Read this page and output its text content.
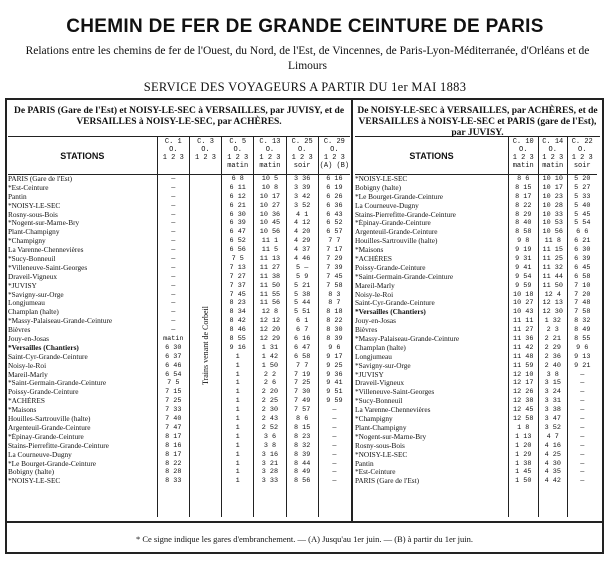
CHEMIN DE FER DE GRANDE CEINTURE DE PARIS
Relations entre les chemins de fer de l'Ouest, du Nord, de l'Est, de Vincennes, de Paris-Lyon-Méditerranée, d'Orléans et de Limours
SERVICE DES VOYAGEURS A PARTIR DU 1er MAI 1883
De PARIS (Gare de l'Est) et NOISY-LE-SEC à VERSAILLES, par JUVISY, et de VERSAILLES à NOISY-LE-SEC, par ACHÈRES.
STATIONS
PARIS (Gare de l'Est)
*Est-Ceinture
Pantin
*NOISY-LE-SEC
Rosny-sous-Bois
*Nogent-sur-Marne-Bry
Plant-Champigny
*Champigny
La Varenne-Chennevières
*Sucy-Bonneuil
*Villeneuve-Saint-Georges
Draveil-Vigneux
*JUVISY
*Savigny-sur-Orge
Longjumeau
Champlan (halte)
*Massy-Palaiseau-Grande-Ceinture
Bièvres
Jouy-en-Josas
*Versailles (Chantiers)
Saint-Cyr-Grande-Ceinture
Noisy-le-Roi
Mareil-Marly
*Saint-Germain-Grande-Ceinture
Poissy-Grande-Ceinture
*ACHÈRES
*Maisons
Houilles-Sartrouville (halte)
Argenteuil-Grande-Ceinture
*Épinay-Grande-Ceinture
Stains-Pierrefitte-Grande-Ceinture
La Courneuve-Dugny
*Le Bourget-Grande-Ceinture
Bobigny (halte)
*NOISY-LE-SEC
C. 1
O.
1 2 3
—
—
—
—
—
—
—
—
—
—
—
—
—
—
—
—
—
—
matin
6 30
6 37
6 46
6 54
7 5
7 15
7 25
7 33
7 40
7 47
8 17
8 16
8 17
8 22
8 28
8 33
C. 3
O.
1 2 3
Trains venant de Corbeil
C. 5
O.
1 2 3
matin
6 8
6 11
6 12
6 21
6 30
6 39
6 47
6 52
6 56
7 5
7 13
7 27
7 37
7 45
8 23
8 34
8 42
8 46
8 55
9 16
1
1
1
1
1
1
1
1
1
1
1
1
1
1
1
C. 13
O.
1 2 3
matin
10 5
10 8
10 17
10 27
10 36
10 45
10 56
11 1
11 5
11 13
11 27
11 38
11 50
11 55
11 56
12 8
12 12
12 20
12 29
1 31
1 42
1 50
2 2
2 6
2 20
2 25
2 30
2 43
2 52
3 6
3 8
3 16
3 21
3 28
3 33
C. 25
O.
1 2 3
soir
3 36
3 39
3 42
3 52
4 1
4 12
4 20
4 29
4 37
4 46
5 —
5 9
5 21
5 38
5 44
5 51
6 1
6 7
6 16
6 47
6 58
7 7
7 19
7 25
7 30
7 49
7 57
8 6
8 15
8 23
8 32
8 39
8 44
8 49
8 56
C. 29
O.
1 2 3
(A) (B)
6 16
6 19
6 26
6 36
6 43
6 52
6 57
7 7
7 17
7 29
7 39
7 45
7 58
8 3
8 7
8 18
8 22
8 30
8 39
9 6
9 17
9 25
9 36
9 41
9 51
9 59
—
—
—
—
—
—
—
—
—
De NOISY-LE-SEC à VERSAILLES, par ACHÈRES, et de VERSAILLES à NOISY-LE-SEC et PARIS (gare de l'Est), par JUVISY.
STATIONS
*NOISY-LE-SEC
Bobigny (halte)
*Le Bourget-Grande-Ceinture
La Courneuve-Dugny
Stains-Pierrefitte-Grande-Ceinture
*Épinay-Grande-Ceinture
Argenteuil-Grande-Ceinture
Houilles-Sartrouville (halte)
*Maisons
*ACHÈRES
Poissy-Grande-Ceinture
*Saint-Germain-Grande-Ceinture
Mareil-Marly
Noisy-le-Roi
Saint-Cyr-Grande-Ceinture
*Versailles (Chantiers)
Jouy-en-Josas
Bièvres
*Massy-Palaiseau-Grande-Ceinture
Champlan (halte)
Longjumeau
*Savigny-sur-Orge
*JUVISY
Draveil-Vigneux
*Villeneuve-Saint-Georges
*Sucy-Bonneuil
La Varenne-Chennevières
*Champigny
Plant-Champigny
*Nogent-sur-Marne-Bry
Rosny-sous-Bois
*NOISY-LE-SEC
Pantin
*Est-Ceinture
PARIS (Gare de l'Est)
C. 10
O.
1 2 3
matin
8 6
8 15
8 17
8 22
8 29
8 40
8 58
9 8
9 19
9 31
9 41
9 54
9 59
10 18
10 27
10 43
11 11
11 27
11 36
11 42
11 48
11 59
12 10
12 17
12 26
12 38
12 45
12 58
1 8
1 13
1 20
1 29
1 38
1 45
1 50
C. 14
O.
1 2 3
matin
10 10
10 17
10 23
10 28
10 33
10 53
10 56
11 8
11 15
11 25
11 32
11 44
11 50
12 4
12 13
12 30
1 32
2 3
2 21
2 29
2 36
2 40
3 8
3 15
3 24
3 31
3 38
3 47
3 52
4 7
4 16
4 25
4 30
4 35
4 42
C. 22
O.
1 2 3
soir
5 20
5 27
5 33
5 40
5 45
5 54
6 6
6 21
6 30
6 39
6 45
6 58
7 10
7 20
7 48
7 58
8 32
8 49
8 55
9 6
9 13
9 21
—
—
—
—
—
—
—
—
—
—
—
—
—
* Ce signe indique les gares d'embranchement. — (A) Jusqu'au 1er juin. — (B) à partir du 1er juin.
